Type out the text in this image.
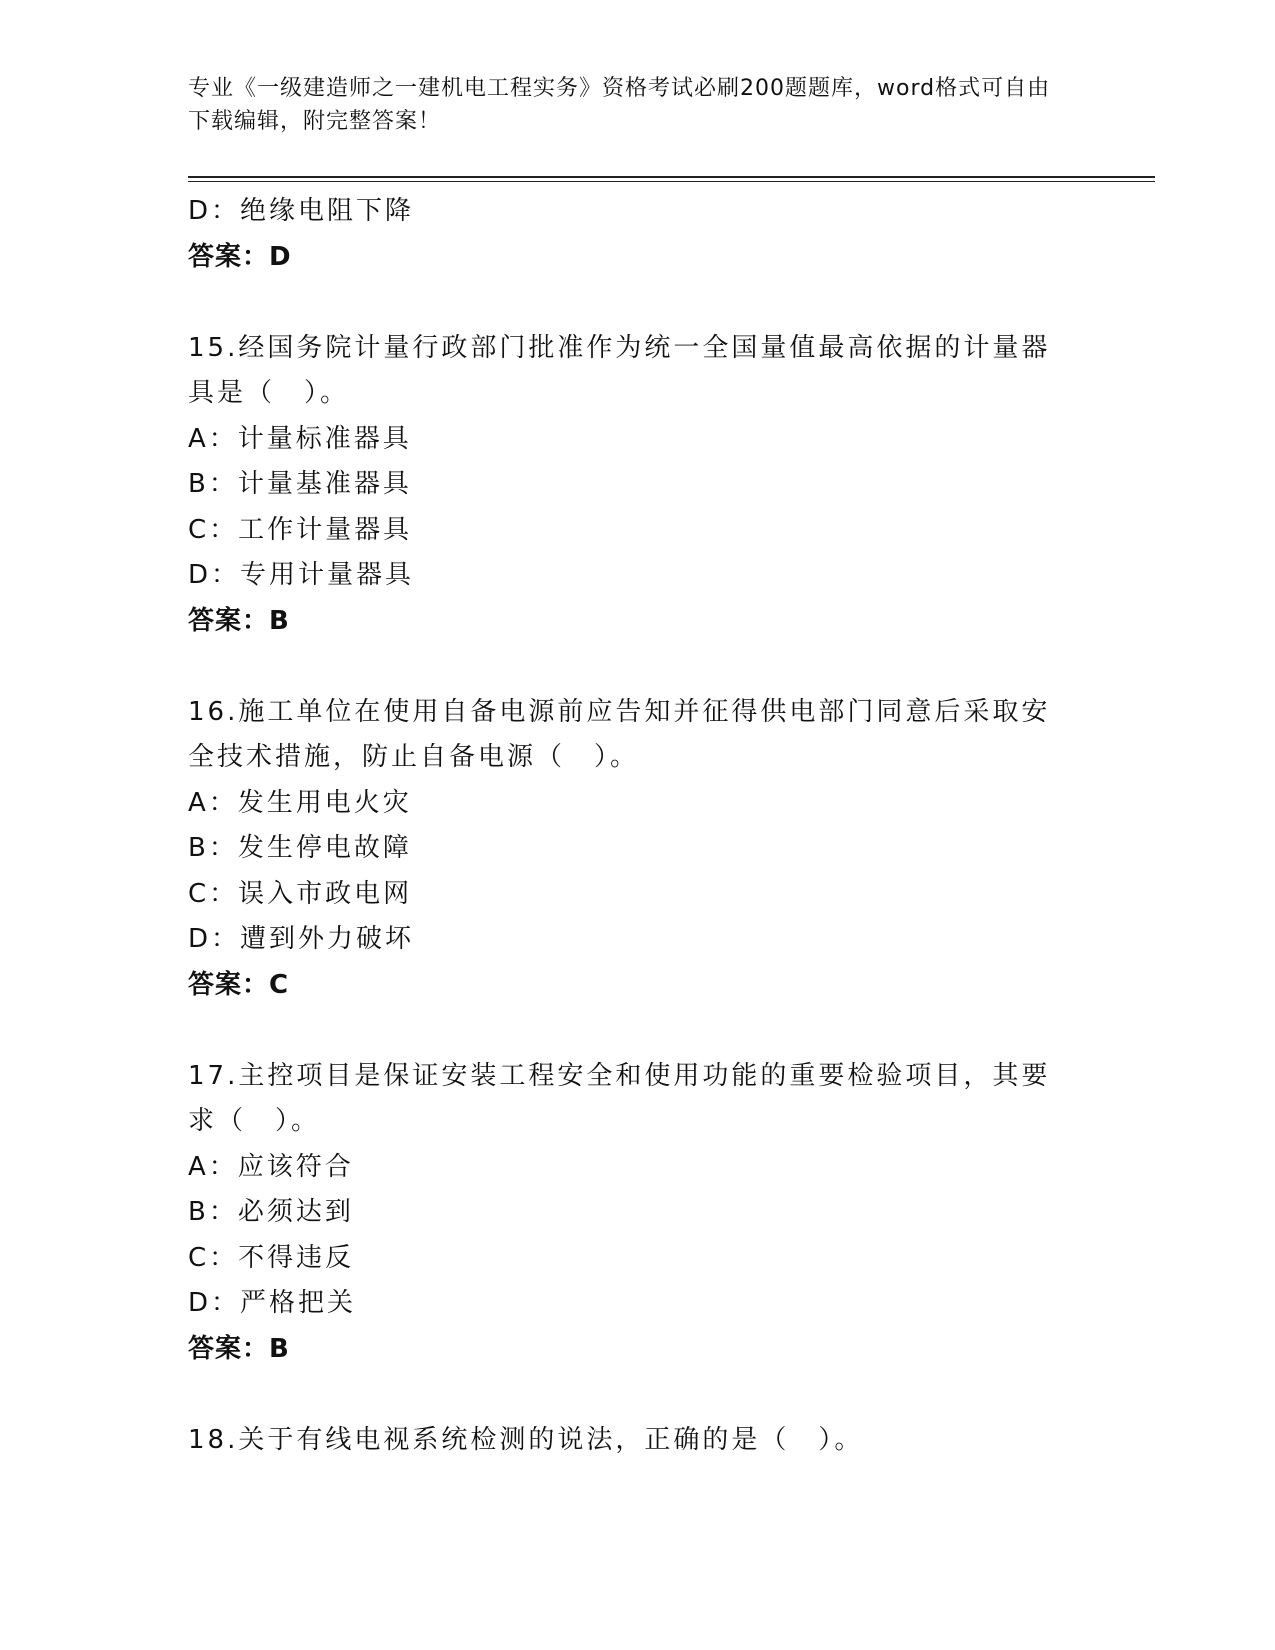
专业《一级建造师之一建机电工程实务》资格考试必刷200题题库，word格式可自由下载编辑，附完整答案！
D：绝缘电阻下降
答案：D
15.经国务院计量行政部门批准作为统一全国量值最高依据的计量器具是（　）。
A：计量标准器具
B：计量基准器具
C：工作计量器具
D：专用计量器具
答案：B
16.施工单位在使用自备电源前应告知并征得供电部门同意后采取安全技术措施，防止自备电源（　）。
A：发生用电火灾
B：发生停电故障
C：误入市政电网
D：遭到外力破坏
答案：C
17.主控项目是保证安装工程安全和使用功能的重要检验项目，其要求（　）。
A：应该符合
B：必须达到
C：不得违反
D：严格把关
答案：B
18.关于有线电视系统检测的说法，正确的是（　）。
